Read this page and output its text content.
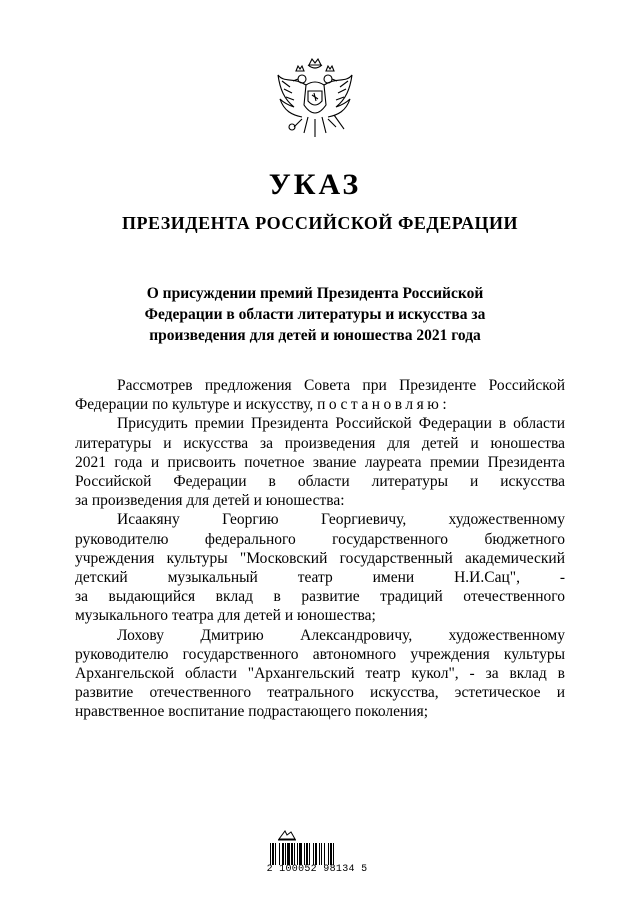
УКАЗ
ПРЕЗИДЕНТА РОССИЙСКОЙ ФЕДЕРАЦИИ
О присуждении премий Президента Российской
Федерации в области литературы и искусства за
произведения для детей и юношества 2021 года

Рассмотрев предложения Совета при Президенте Российской

Федерации по культуре и искусству, постановляю:

Присудить премии Президента Российской Федерации в области

литературы и искусства за произведения для детей и юношества

2021 года и присвоить почетное звание лауреата премии Президента

Российской Федерации в области литературы и искусства

за произведения для детей и юношества:

Исаакяну Георгию Георгиевичу, художественному

руководителю федерального государственного бюджетного

учреждения культуры "Московский государственный академический

детский музыкальный театр имени Н.И.Сац", -

за выдающийся вклад в развитие традиций отечественного

музыкального театра для детей и юношества;

Лохову Дмитрию Александровичу, художественному

руководителю государственного автономного учреждения культуры

Архангельской области "Архангельский театр кукол", - за вклад в

развитие отечественного театрального искусства, эстетическое и

нравственное воспитание подрастающего поколения;

2 100052 98134 5
